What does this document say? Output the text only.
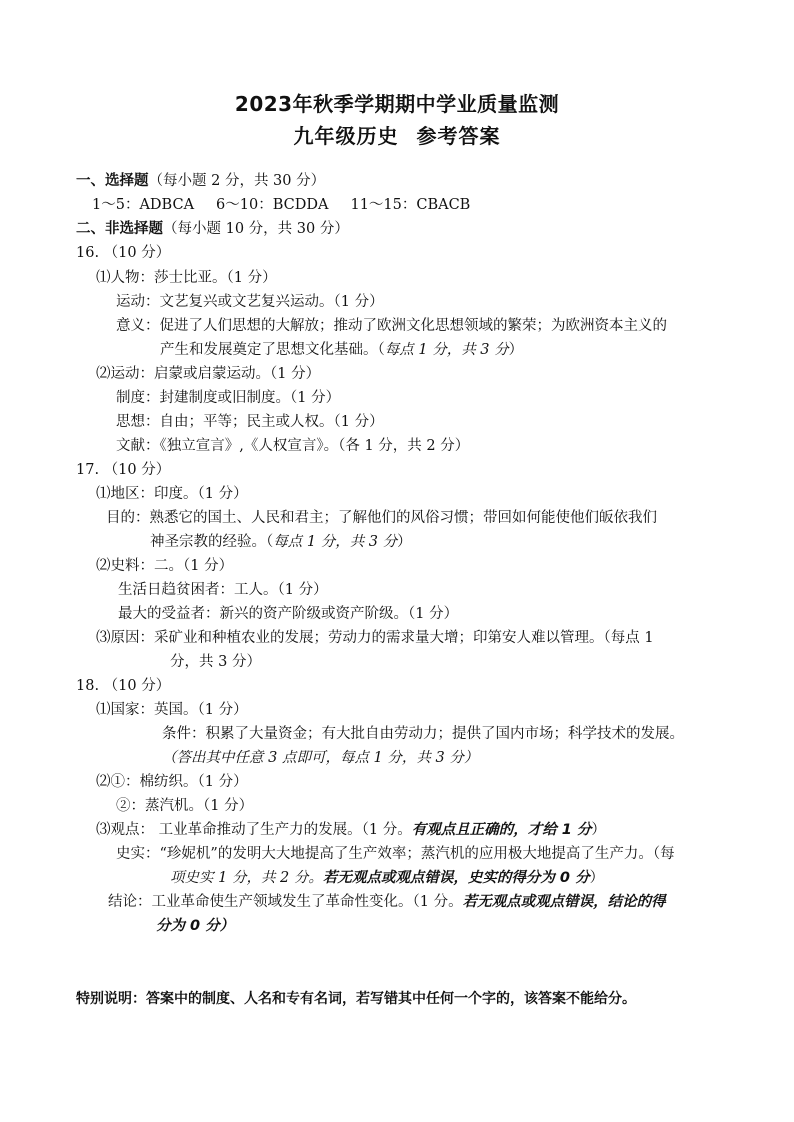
2023年秋季学期期中学业质量监测
九年级历史 参考答案
一、选择题（每小题 2 分，共 30 分）
1～5：ADBCA 6～10：BCDDA 11～15：CBACB
二、非选择题（每小题 10 分，共 30 分）
16. （10 分）
⑴人物：莎士比亚。（1 分）
运动：文艺复兴或文艺复兴运动。（1 分）
意义：促进了人们思想的大解放；推动了欧洲文化思想领域的繁荣；为欧洲资本主义的
产生和发展奠定了思想文化基础。（每点 1 分，共 3 分）
⑵运动：启蒙或启蒙运动。（1 分）
制度：封建制度或旧制度。（1 分）
思想：自由；平等；民主或人权。（1 分）
文献：《独立宣言》,《人权宣言》。（各 1 分，共 2 分）
17. （10 分）
⑴地区：印度。（1 分）
目的：熟悉它的国土、人民和君主；了解他们的风俗习惯；带回如何能使他们皈依我们
神圣宗教的经验。（每点 1 分，共 3 分）
⑵史料：二。（1 分）
生活日趋贫困者：工人。（1 分）
最大的受益者：新兴的资产阶级或资产阶级。（1 分）
⑶原因：采矿业和种植农业的发展；劳动力的需求量大增；印第安人难以管理。（每点 1
分，共 3 分）
18. （10 分）
⑴国家：英国。（1 分）
条件：积累了大量资金；有大批自由劳动力；提供了国内市场；科学技术的发展。
（答出其中任意 3 点即可，每点 1 分，共 3 分）
⑵①：棉纺织。（1 分）
②：蒸汽机。（1 分）
⑶观点： 工业革命推动了生产力的发展。（1 分。有观点且正确的，才给 1 分）
史实：“珍妮机”的发明大大地提高了生产效率；蒸汽机的应用极大地提高了生产力。（每
项史实 1 分，共 2 分。若无观点或观点错误，史实的得分为 0 分）
结论：工业革命使生产领域发生了革命性变化。（1 分。若无观点或观点错误，结论的得
分为 0 分）
特别说明：答案中的制度、人名和专有名词，若写错其中任何一个字的，该答案不能给分。
